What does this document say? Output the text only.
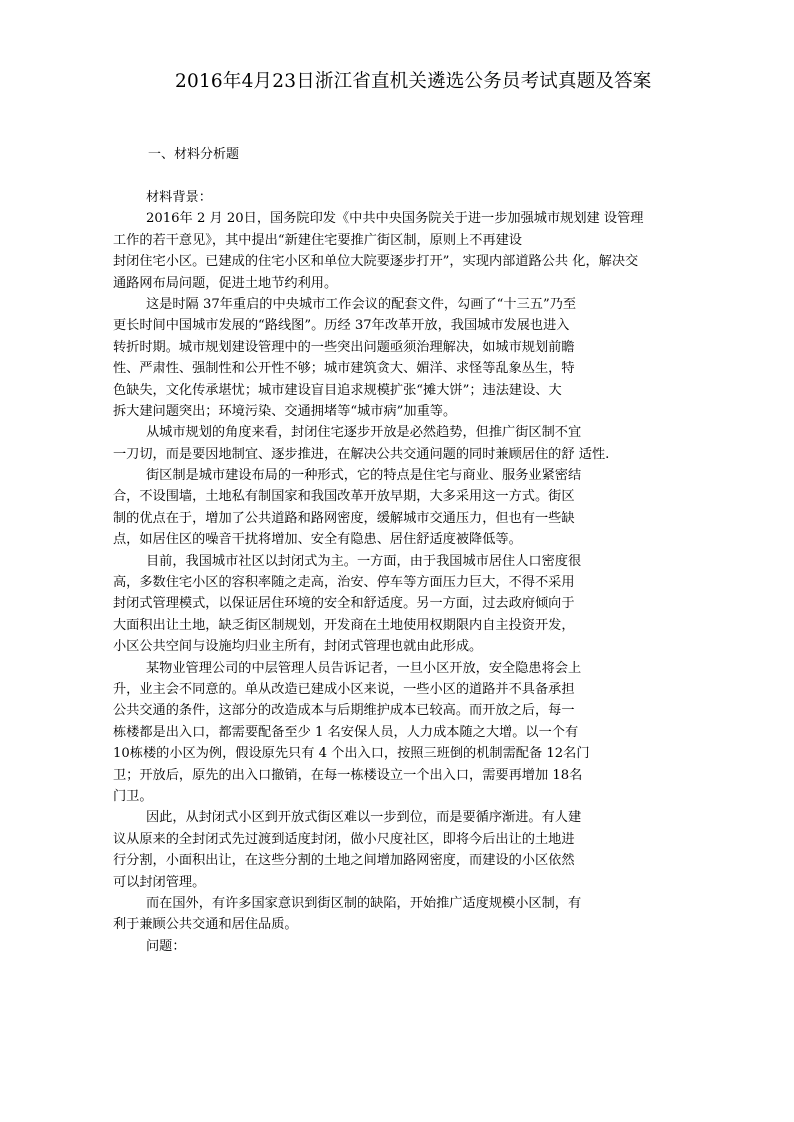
2016年4月23日浙江省直机关遴选公务员考试真题及答案
一、材料分析题
材料背景：
2016年 2 月 20日，国务院印发《中共中央国务院关于进一步加强城市规划建 设管理
工作的若干意见》，其中提出“新建住宅要推广街区制，原则上不再建设
封闭住宅小区。已建成的住宅小区和单位大院要逐步打开”，实现内部道路公共 化，解决交
通路网布局问题，促进土地节约利用。
这是时隔 37年重启的中央城市工作会议的配套文件，勾画了“十三五”乃至
更长时间中国城市发展的“路线图”。历经 37年改革开放，我国城市发展也进入
转折时期。城市规划建设管理中的一些突出问题亟须治理解决，如城市规划前瞻
性、严肃性、强制性和公开性不够；城市建筑贪大、媚洋、求怪等乱象丛生，特
色缺失，文化传承堪忧；城市建设盲目追求规模扩张“摊大饼”；违法建设、大
拆大建问题突出；环境污染、交通拥堵等“城市病”加重等。
从城市规划的角度来看，封闭住宅逐步开放是必然趋势，但推广街区制不宜
一刀切，而是要因地制宜、逐步推进，在解决公共交通问题的同时兼顾居住的舒 适性.
街区制是城市建设布局的一种形式，它的特点是住宅与商业、服务业紧密结
合，不设围墙，土地私有制国家和我国改革开放早期，大多采用这一方式。街区
制的优点在于，增加了公共道路和路网密度，缓解城市交通压力，但也有一些缺
点，如居住区的噪音干扰将增加、安全有隐患、居住舒适度被降低等。
目前，我国城市社区以封闭式为主。一方面，由于我国城市居住人口密度很
高，多数住宅小区的容积率随之走高，治安、停车等方面压力巨大，不得不采用
封闭式管理模式，以保证居住环境的安全和舒适度。另一方面，过去政府倾向于
大面积出让土地，缺乏街区制规划，开发商在土地使用权期限内自主投资开发，
小区公共空间与设施均归业主所有，封闭式管理也就由此形成。
某物业管理公司的中层管理人员告诉记者，一旦小区开放，安全隐患将会上
升，业主会不同意的。单从改造已建成小区来说，一些小区的道路并不具备承担
公共交通的条件，这部分的改造成本与后期维护成本已较高。而开放之后，每一
栋楼都是出入口，都需要配备至少 1 名安保人员，人力成本随之大增。以一个有
10栋楼的小区为例，假设原先只有 4 个出入口，按照三班倒的机制需配备 12名门
卫；开放后，原先的出入口撤销，在每一栋楼设立一个出入口，需要再增加 18名
门卫。
因此，从封闭式小区到开放式街区难以一步到位，而是要循序渐进。有人建
议从原来的全封闭式先过渡到适度封闭，做小尺度社区，即将今后出让的土地进
行分割，小面积出让，在这些分割的土地之间增加路网密度，而建设的小区依然
可以封闭管理。
而在国外，有许多国家意识到街区制的缺陷，开始推广适度规模小区制，有
利于兼顾公共交通和居住品质。
问题：
